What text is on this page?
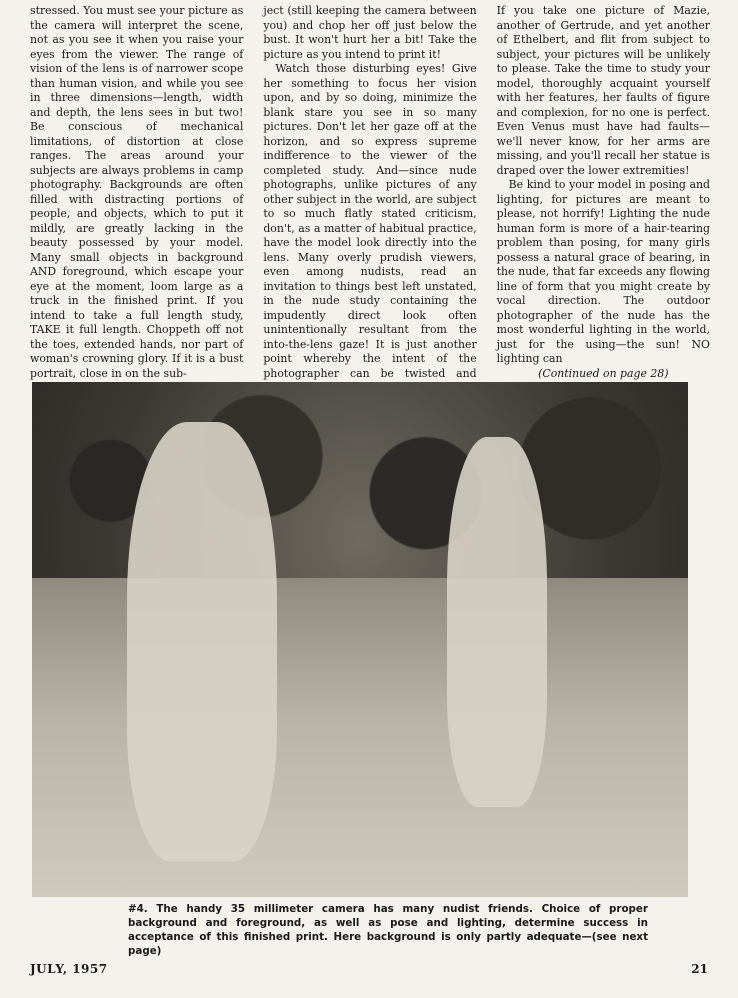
stressed. You must see your picture as the camera will interpret the scene, not as you see it when you raise your eyes from the viewer. The range of vision of the lens is of narrower scope than human vision, and while you see in three dimensions—length, width and depth, the lens sees in but two! Be conscious of mechanical limitations, of distortion at close ranges. The areas around your subjects are always problems in camp photography. Backgrounds are often filled with distracting portions of people, and objects, which to put it mildly, are greatly lacking in the beauty possessed by your model. Many small objects in background AND foreground, which escape your eye at the moment, loom large as a truck in the finished print. If you intend to take a full length study, TAKE it full length. Choppeth off not the toes, extended hands, nor part of woman's crowning glory. If it is a bust portrait, close in on the sub-

ject (still keeping the camera between you) and chop her off just below the bust. It won't hurt her a bit! Take the picture as you intend to print it!

Watch those disturbing eyes! Give her something to focus her vision upon, and by so doing, minimize the blank stare you see in so many pictures. Don't let her gaze off at the horizon, and so express supreme indifference to the viewer of the completed study. And—since nude photographs, unlike pictures of any other subject in the world, are subject to so much flatly stated criticism, don't, as a matter of habitual practice, have the model look directly into the lens. Many overly prudish viewers, even among nudists, read an invitation to things best left unstated, in the nude study containing the impudently direct look often unintentionally resultant from the into-the-lens gaze! It is just another point whereby the intent of the photographer can be twisted and

If you take one picture of Mazie, another of Gertrude, and yet another of Ethelbert, and flit from subject to subject, your pictures will be unlikely to please. Take the time to study your model, thoroughly acquaint yourself with her features, her faults of figure and complexion, for no one is perfect. Even Venus must have had faults—we'll never know, for her arms are missing, and you'll recall her statue is draped over the lower extremities!

Be kind to your model in posing and lighting, for pictures are meant to please, not horrify! Lighting the nude human form is more of a hair-tearing problem than posing, for many girls possess a natural grace of bearing, in the nude, that far exceeds any flowing line of form that you might create by vocal direction. The outdoor photographer of the nude has the most wonderful lighting in the world, just for the using—the sun! NO lighting can

(Continued on page 28)

#4. The handy 35 millimeter camera has many nudist friends. Choice of proper background and foreground, as well as pose and lighting, determine success in acceptance of this finished print. Here background is only partly adequate—(see next page)

JULY, 1957	21
